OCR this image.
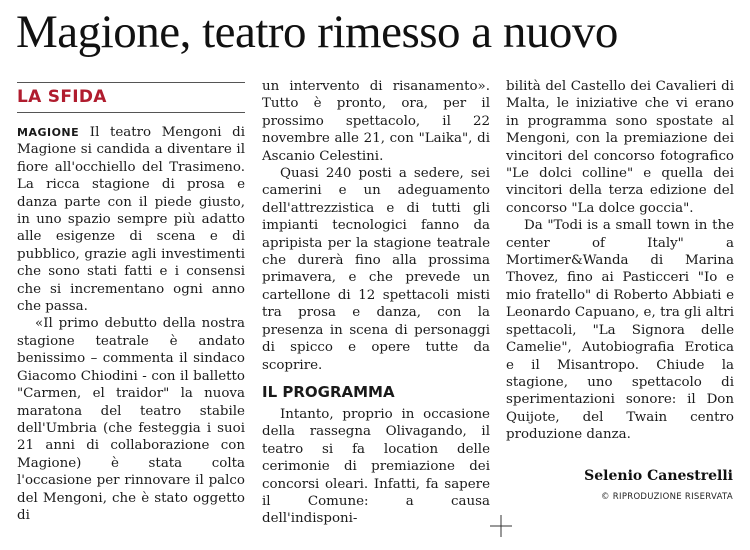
Magione, teatro rimesso a nuovo
LA SFIDA

MAGIONE Il teatro Mengoni di Magione si candida a diventare il fiore all'occhiello del Trasimeno. La ricca stagione di prosa e danza parte con il piede giusto, in uno spazio sempre più adatto alle esigenze di scena e di pubblico, grazie agli investimenti che sono stati fatti e i consensi che si incrementano ogni anno che passa.

«Il primo debutto della nostra stagione teatrale è andato benissimo – commenta il sindaco Giacomo Chiodini - con il balletto "Carmen, el traidor" la nuova maratona del teatro stabile dell'Umbria (che festeggia i suoi 21 anni di collaborazione con Magione) è stata colta l'occasione per rinnovare il palco del Mengoni, che è stato oggetto di

un intervento di risanamento». Tutto è pronto, ora, per il prossimo spettacolo, il 22 novembre alle 21, con "Laika", di Ascanio Celestini.

Quasi 240 posti a sedere, sei camerini e un adeguamento dell'attrezzistica e di tutti gli impianti tecnologici fanno da apripista per la stagione teatrale che durerà fino alla prossima primavera, e che prevede un cartellone di 12 spettacoli misti tra prosa e danza, con la presenza in scena di personaggi di spicco e opere tutte da scoprire.

IL PROGRAMMA

Intanto, proprio in occasione della rassegna Olivagando, il teatro si fa location delle cerimonie di premiazione dei concorsi oleari. Infatti, fa sapere il Comune: a causa dell'indisponi-

bilità del Castello dei Cavalieri di Malta, le iniziative che vi erano in programma sono spostate al Mengoni, con la premiazione dei vincitori del concorso fotografico "Le dolci colline" e quella dei vincitori della terza edizione del concorso "La dolce goccia".

Da "Todi is a small town in the center of Italy" a Mortimer&Wanda di Marina Thovez, fino ai Pasticceri "Io e mio fratello" di Roberto Abbiati e Leonardo Capuano, e, tra gli altri spettacoli, "La Signora delle Camelie", Autobiografia Erotica e il Misantropo. Chiude la stagione, uno spettacolo di sperimentazioni sonore: il Don Quijote, del Twain centro produzione danza.

Selenio Canestrelli

© RIPRODUZIONE RISERVATA
